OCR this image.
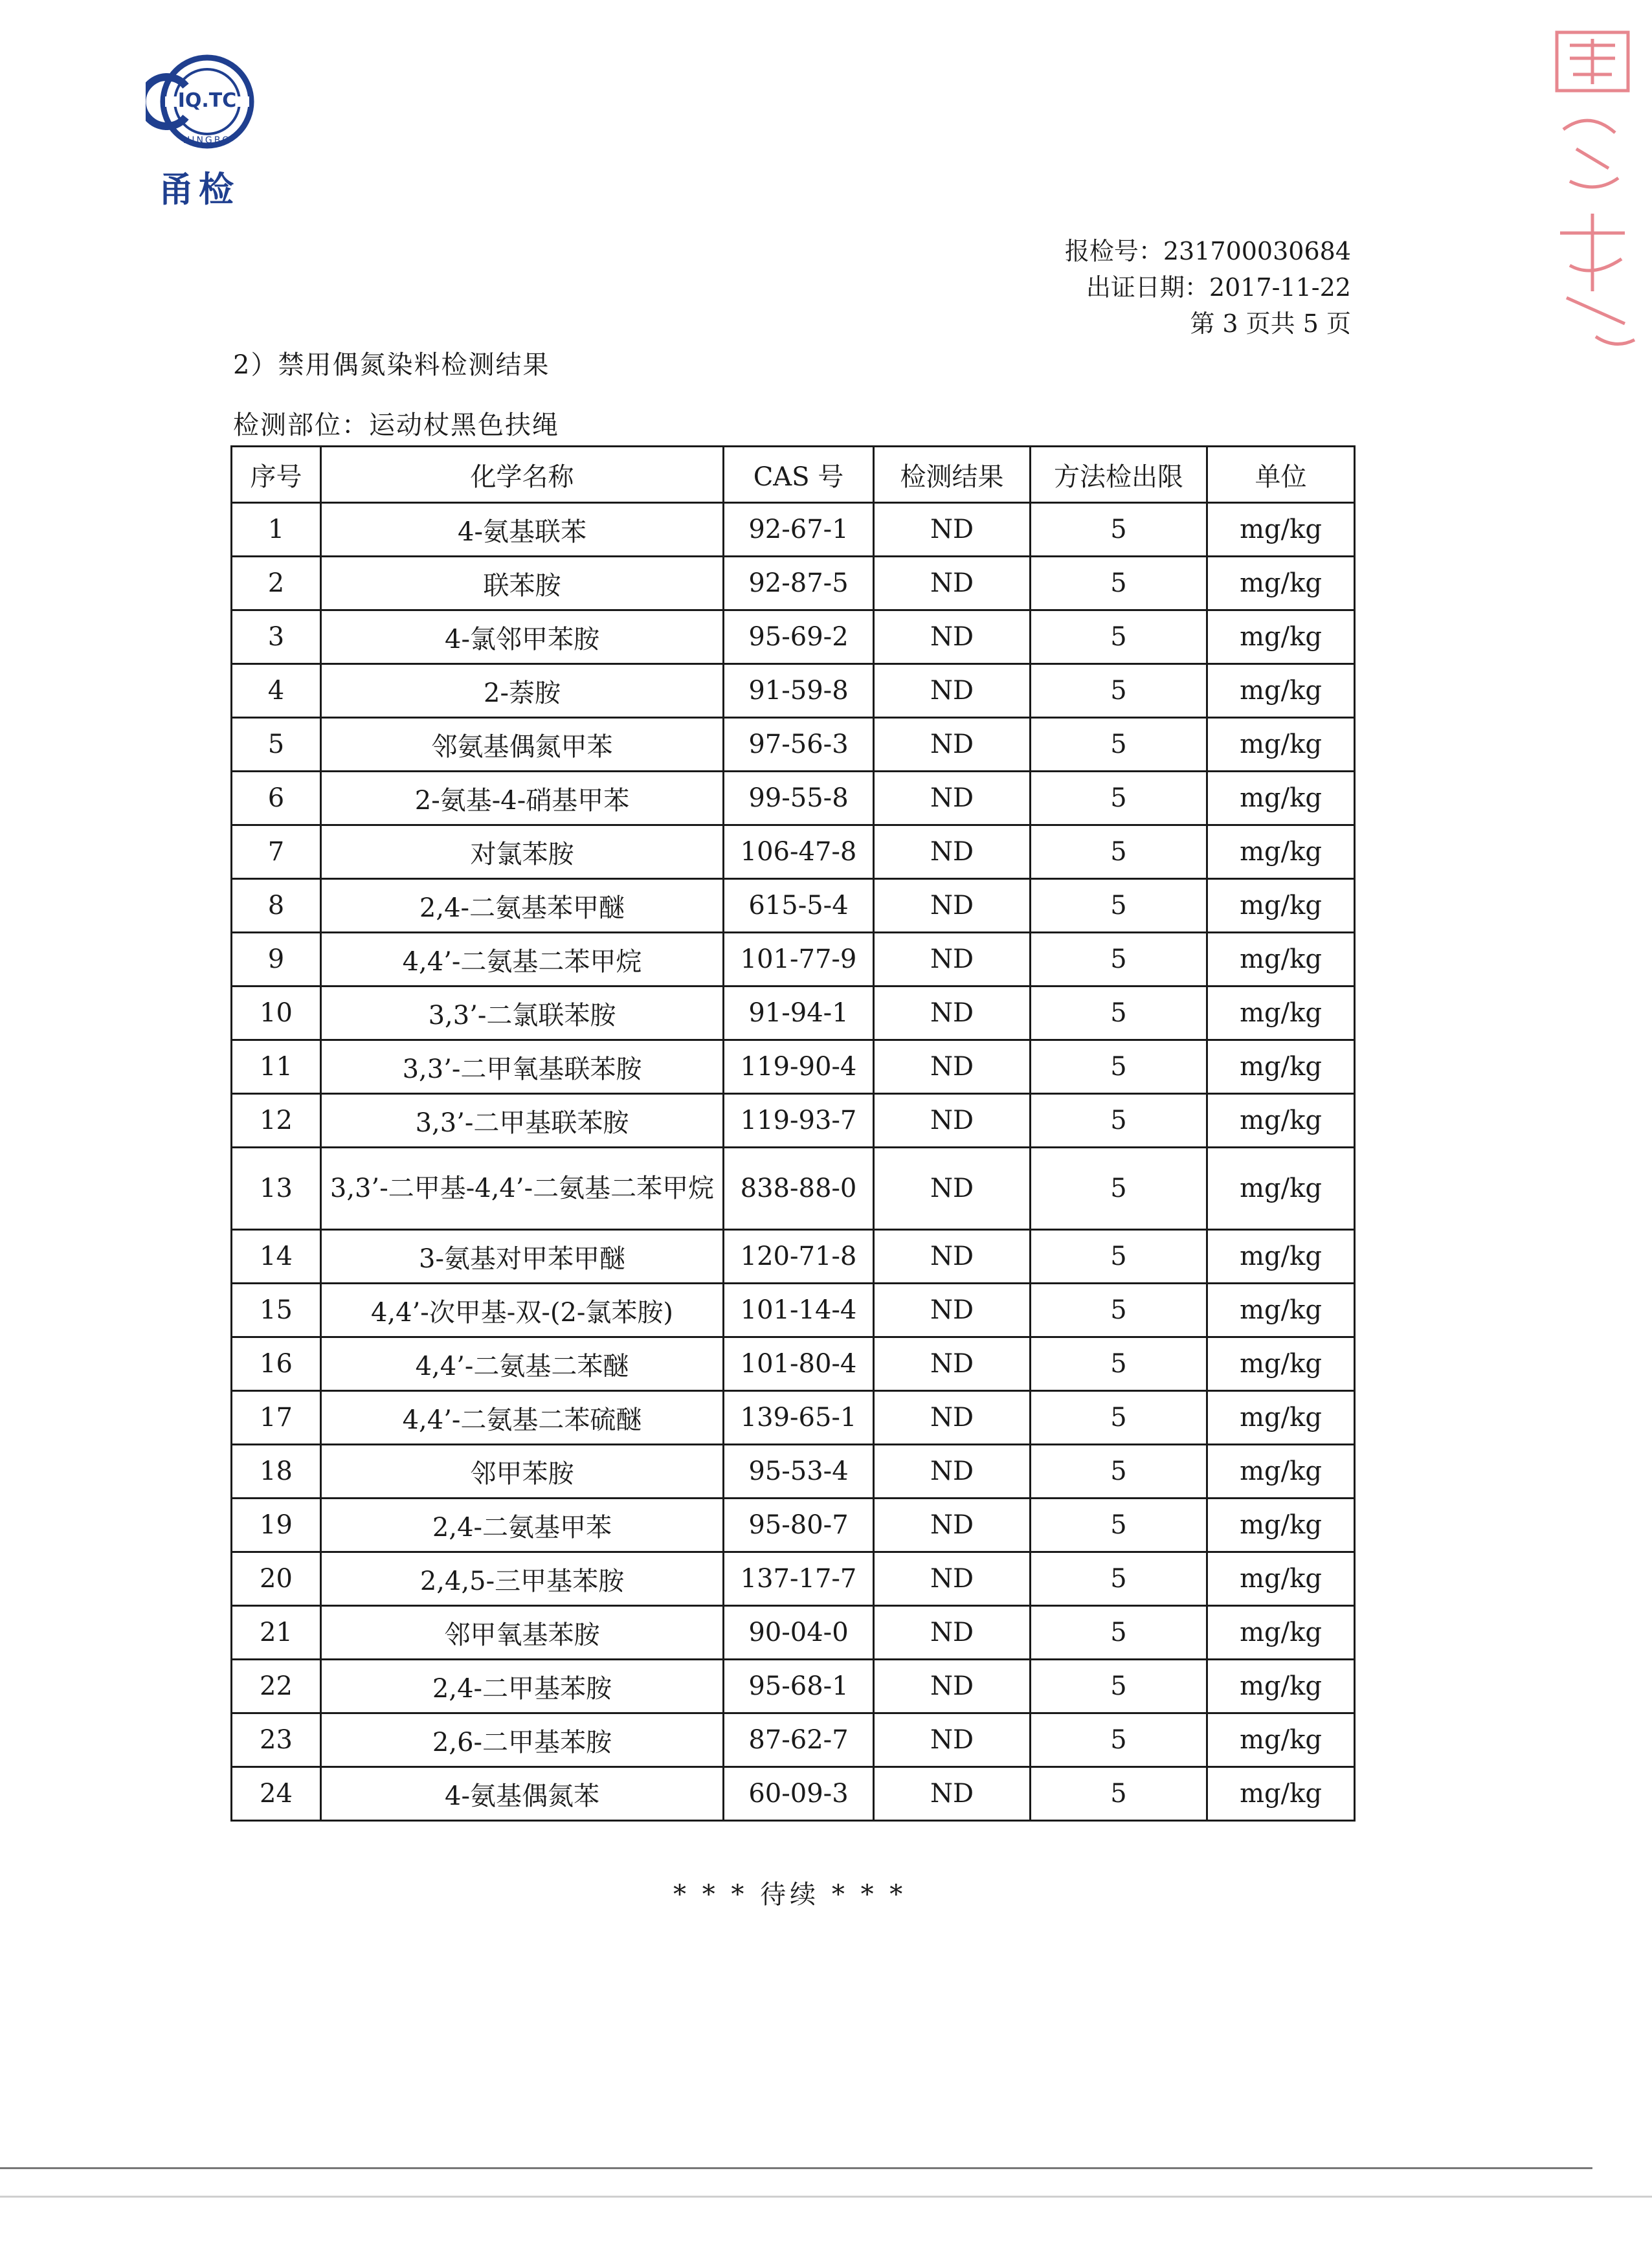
IQ.TC
NINGBO
甬检
报检号：231700030684
出证日期：2017-11-22
第 3 页共 5 页
2）禁用偶氮染料检测结果
检测部位：运动杖黑色扶绳
序号	化学名称	CAS 号	检测结果	方法检出限	单位
1	4-氨基联苯	92-67-1	ND	5	mg/kg
2	联苯胺	92-87-5	ND	5	mg/kg
3	4-氯邻甲苯胺	95-69-2	ND	5	mg/kg
4	2-萘胺	91-59-8	ND	5	mg/kg
5	邻氨基偶氮甲苯	97-56-3	ND	5	mg/kg
6	2-氨基-4-硝基甲苯	99-55-8	ND	5	mg/kg
7	对氯苯胺	106-47-8	ND	5	mg/kg
8	2,4-二氨基苯甲醚	615-5-4	ND	5	mg/kg
9	4,4’-二氨基二苯甲烷	101-77-9	ND	5	mg/kg
10	3,3’-二氯联苯胺	91-94-1	ND	5	mg/kg
11	3,3’-二甲氧基联苯胺	119-90-4	ND	5	mg/kg
12	3,3’-二甲基联苯胺	119-93-7	ND	5	mg/kg
13	3,3’-二甲基-4,4’-二氨基二苯甲烷	838-88-0	ND	5	mg/kg
14	3-氨基对甲苯甲醚	120-71-8	ND	5	mg/kg
15	4,4’-次甲基-双-(2-氯苯胺)	101-14-4	ND	5	mg/kg
16	4,4’-二氨基二苯醚	101-80-4	ND	5	mg/kg
17	4,4’-二氨基二苯硫醚	139-65-1	ND	5	mg/kg
18	邻甲苯胺	95-53-4	ND	5	mg/kg
19	2,4-二氨基甲苯	95-80-7	ND	5	mg/kg
20	2,4,5-三甲基苯胺	137-17-7	ND	5	mg/kg
21	邻甲氧基苯胺	90-04-0	ND	5	mg/kg
22	2,4-二甲基苯胺	95-68-1	ND	5	mg/kg
23	2,6-二甲基苯胺	87-62-7	ND	5	mg/kg
24	4-氨基偶氮苯	60-09-3	ND	5	mg/kg
* * * 待续 * * *
